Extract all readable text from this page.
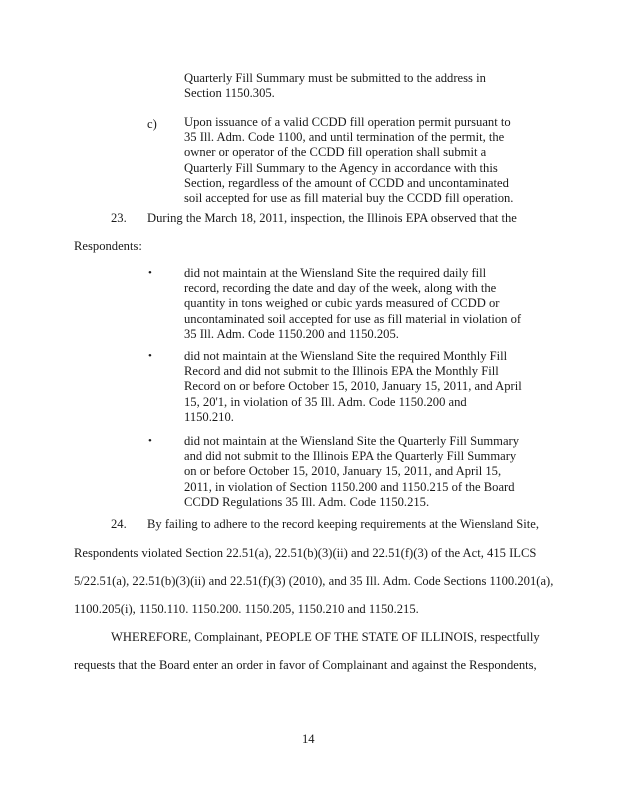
Quarterly Fill Summary must be submitted to the address in
Section 1150.305.
c) Upon issuance of a valid CCDD fill operation permit pursuant to
35 Ill. Adm. Code 1100, and until termination of the permit, the
owner or operator of the CCDD fill operation shall submit a
Quarterly Fill Summary to the Agency in accordance with this
Section, regardless of the amount of CCDD and uncontaminated
soil accepted for use as fill material buy the CCDD fill operation.
23. During the March 18, 2011, inspection, the Illinois EPA observed that the
Respondents:
•	did not maintain at the Wiensland Site the required daily fill
record, recording the date and day of the week, along with the
quantity in tons weighed or cubic yards measured of CCDD or
uncontaminated soil accepted for use as fill material in violation of
35 Ill. Adm. Code 1150.200 and 1150.205.
•	did not maintain at the Wiensland Site the required Monthly Fill
Record and did not submit to the Illinois EPA the Monthly Fill
Record on or before October 15, 2010, January 15, 2011, and April
15, 20'1, in violation of 35 Ill. Adm. Code 1150.200 and
1150.210.
•	did not maintain at the Wiensland Site the Quarterly Fill Summary
and did not submit to the Illinois EPA the Quarterly Fill Summary
on or before October 15, 2010, January 15, 2011, and April 15,
2011, in violation of Section 1150.200 and 1150.215 of the Board
CCDD Regulations 35 Ill. Adm. Code 1150.215.
24. By failing to adhere to the record keeping requirements at the Wiensland Site,
Respondents violated Section 22.51(a), 22.51(b)(3)(ii) and 22.51(f)(3) of the Act, 415 ILCS
5/22.51(a), 22.51(b)(3)(ii) and 22.51(f)(3) (2010), and 35 Ill. Adm. Code Sections 1100.201(a),
1100.205(i), 1150.110. 1150.200. 1150.205, 1150.210 and 1150.215.
WHEREFORE, Complainant, PEOPLE OF THE STATE OF ILLINOIS, respectfully
requests that the Board enter an order in favor of Complainant and against the Respondents,
14
